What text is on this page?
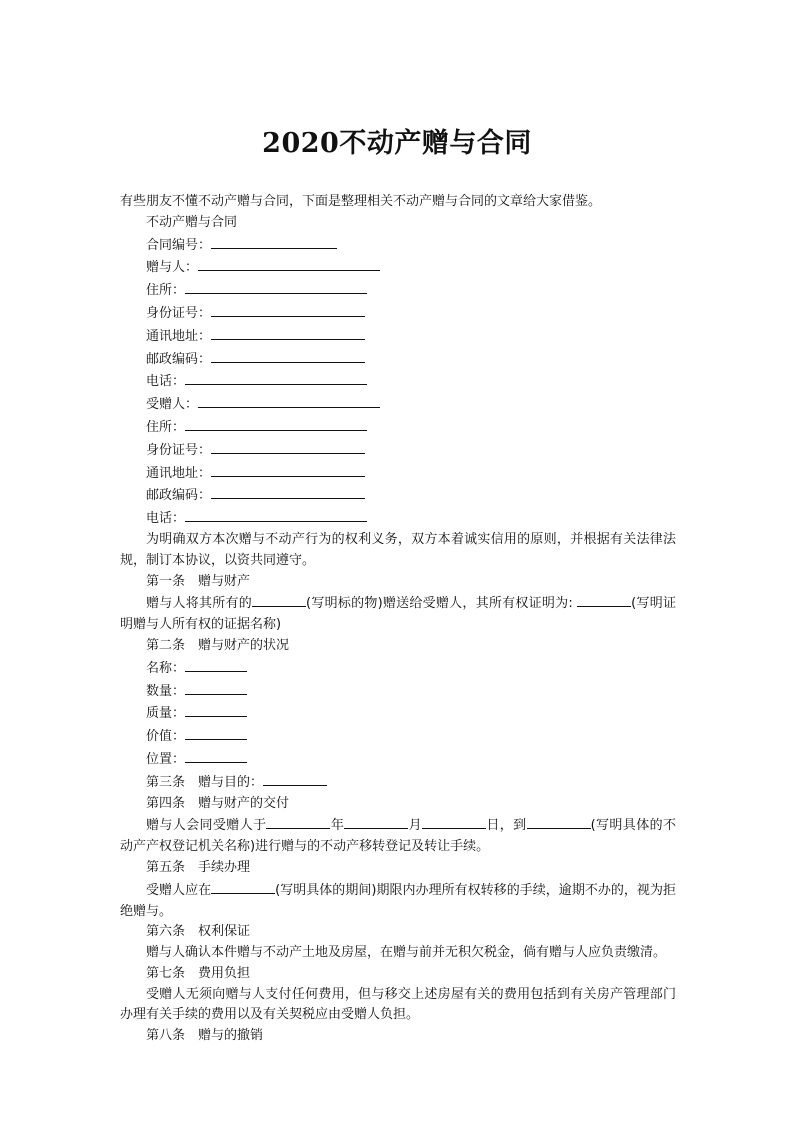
2020不动产赠与合同

有些朋友不懂不动产赠与合同，下面是整理相关不动产赠与合同的文章给大家借鉴。

不动产赠与合同

合同编号：

赠与人：

住所：

身份证号：

通讯地址：

邮政编码：

电话：

受赠人：

住所：

身份证号：

通讯地址：

邮政编码：

电话：

为明确双方本次赠与不动产行为的权利义务，双方本着诚实信用的原则，并根据有关法律法规，制订本协议，以资共同遵守。

第一条　赠与财产

赠与人将其所有的	(写明标的物)赠送给受赠人，其所有权证明为:	(写明证明赠与人所有权的证据名称)

第二条　赠与财产的状况

名称：

数量：

质量：

价值：

位置：

第三条　赠与目的：

第四条　赠与财产的交付

赠与人会同受赠人于	年	月	日，到	(写明具体的不动产产权登记机关名称)进行赠与的不动产移转登记及转让手续。

第五条　手续办理

受赠人应在	(写明具体的期间)期限内办理所有权转移的手续，逾期不办的，视为拒绝赠与。

第六条　权利保证

赠与人确认本件赠与不动产土地及房屋，在赠与前并无积欠税金，倘有赠与人应负责缴清。

第七条　费用负担

受赠人无须向赠与人支付任何费用，但与移交上述房屋有关的费用包括到有关房产管理部门办理有关手续的费用以及有关契税应由受赠人负担。

第八条　赠与的撤销
